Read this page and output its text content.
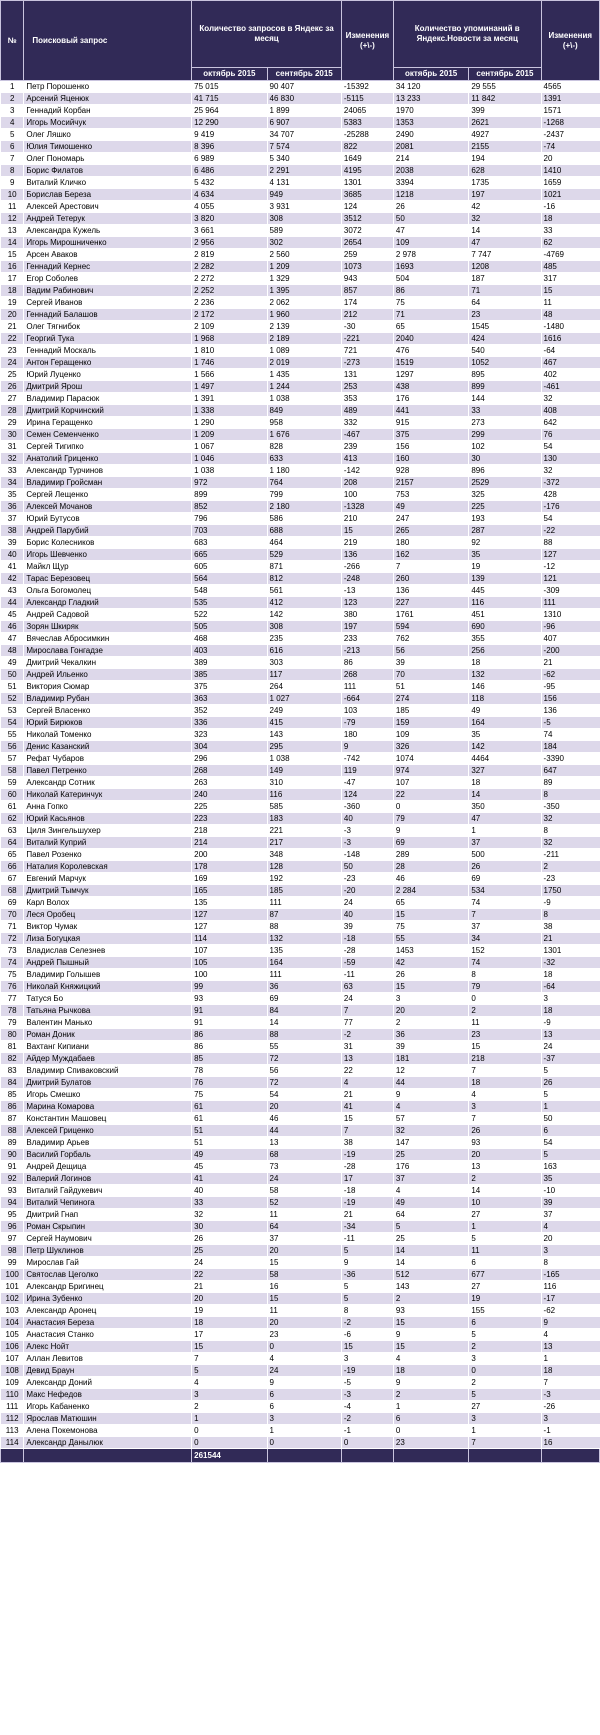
№	Поисковый запрос	Количество запросов в Яндекс за месяц		Изменения (+\-)	Количество упоминаний в Яндекс.Новости за месяц		Изменения (+\-)
		октябрь 2015	сентябрь 2015		октябрь 2015	сентябрь 2015	
1	Петр Порошенко	75 015	90 407	-15392	34 120	29 555	4565
2	Арсений Яценюк	41 715	46 830	-5115	13 233	11 842	1391
3	Геннадий Корбан	25 964	1 899	24065	1970	399	1571
4	Игорь Мосийчук	12 290	6 907	5383	1353	2621	-1268
5	Олег Ляшко	9 419	34 707	-25288	2490	4927	-2437
6	Юлия Тимошенко	8 396	7 574	822	2081	2155	-74
7	Олег Пономарь	6 989	5 340	1649	214	194	20
8	Борис Филатов	6 486	2 291	4195	2038	628	1410
9	Виталий Кличко	5 432	4 131	1301	3394	1735	1659
10	Борислав Береза	4 634	949	3685	1218	197	1021
11	Алексей Арестович	4 055	3 931	124	26	42	-16
12	Андрей Тетерук	3 820	308	3512	50	32	18
13	Александра Кужель	3 661	589	3072	47	14	33
14	Игорь Мирошниченко	2 956	302	2654	109	47	62
15	Арсен Аваков	2 819	2 560	259	2 978	7 747	-4769
16	Геннадий Кернес	2 282	1 209	1073	1693	1208	485
17	Егор Соболев	2 272	1 329	943	504	187	317
18	Вадим Рабинович	2 252	1 395	857	86	71	15
19	Сергей Иванов	2 236	2 062	174	75	64	11
20	Геннадий Балашов	2 172	1 960	212	71	23	48
21	Олег Тягнибок	2 109	2 139	-30	65	1545	-1480
22	Георгий Тука	1 968	2 189	-221	2040	424	1616
23	Геннадий Москаль	1 810	1 089	721	476	540	-64
24	Антон Геращенко	1 746	2 019	-273	1519	1052	467
25	Юрий Луценко	1 566	1 435	131	1297	895	402
26	Дмитрий Ярош	1 497	1 244	253	438	899	-461
27	Владимир Парасюк	1 391	1 038	353	176	144	32
28	Дмитрий Корчинский	1 338	849	489	441	33	408
29	Ирина Геращенко	1 290	958	332	915	273	642
30	Семен Семенченко	1 209	1 676	-467	375	299	76
31	Сергей Тигипко	1 067	828	239	156	102	54
32	Анатолий Гриценко	1 046	633	413	160	30	130
33	Александр Турчинов	1 038	1 180	-142	928	896	32
34	Владимир Гройсман	972	764	208	2157	2529	-372
35	Сергей Лещенко	899	799	100	753	325	428
36	Алексей Мочанов	852	2 180	-1328	49	225	-176
37	Юрий Бутусов	796	586	210	247	193	54
38	Андрей Парубий	703	688	15	265	287	-22
39	Борис Колесников	683	464	219	180	92	88
40	Игорь Шевченко	665	529	136	162	35	127
41	Майкл Щур	605	871	-266	7	19	-12
42	Тарас Березовец	564	812	-248	260	139	121
43	Ольга Богомолец	548	561	-13	136	445	-309
44	Александр Гладкий	535	412	123	227	116	111
45	Андрей Садовой	522	142	380	1761	451	1310
46	Зорян Шкиряк	505	308	197	594	690	-96
47	Вячеслав Абросимкин	468	235	233	762	355	407
48	Мирослава Гонгадзе	403	616	-213	56	256	-200
49	Дмитрий Чекалкин	389	303	86	39	18	21
50	Андрей Ильенко	385	117	268	70	132	-62
51	Виктория Сюмар	375	264	111	51	146	-95
52	Владимир Рубан	363	1 027	-664	274	118	156
53	Сергей Власенко	352	249	103	185	49	136
54	Юрий Бирюков	336	415	-79	159	164	-5
55	Николай Томенко	323	143	180	109	35	74
56	Денис Казанский	304	295	9	326	142	184
57	Рефат Чубаров	296	1 038	-742	1074	4464	-3390
58	Павел Петренко	268	149	119	974	327	647
59	Александр Сотник	263	310	-47	107	18	89
60	Николай Катеринчук	240	116	124	22	14	8
61	Анна Гопко	225	585	-360	0	350	-350
62	Юрий Касьянов	223	183	40	79	47	32
63	Циля Зингельшухер	218	221	-3	9	1	8
64	Виталий Куприй	214	217	-3	69	37	32
65	Павел Розенко	200	348	-148	289	500	-211
66	Наталия Королевская	178	128	50	28	26	2
67	Евгений Марчук	169	192	-23	46	69	-23
68	Дмитрий Тымчук	165	185	-20	2 284	534	1750
69	Карл Волох	135	111	24	65	74	-9
70	Леся Оробец	127	87	40	15	7	8
71	Виктор Чумак	127	88	39	75	37	38
72	Лиза Богуцкая	114	132	-18	55	34	21
73	Владислав Селезнев	107	135	-28	1453	152	1301
74	Андрей Пышный	105	164	-59	42	74	-32
75	Владимир Голышев	100	111	-11	26	8	18
76	Николай Княжицкий	99	36	63	15	79	-64
77	Татуся Бо	93	69	24	3	0	3
78	Татьяна Рычкова	91	84	7	20	2	18
79	Валентин Манько	91	14	77	2	11	-9
80	Роман Доник	86	88	-2	36	23	13
81	Вахтанг Кипиани	86	55	31	39	15	24
82	Айдер Муждабаев	85	72	13	181	218	-37
83	Владимир Спиваковский	78	56	22	12	7	5
84	Дмитрий Булатов	76	72	4	44	18	26
85	Игорь Смешко	75	54	21	9	4	5
86	Марина Комарова	61	20	41	4	3	1
87	Константин Машовец	61	46	15	57	7	50
88	Алексей Гриценко	51	44	7	32	26	6
89	Владимир Арьев	51	13	38	147	93	54
90	Василий Горбаль	49	68	-19	25	20	5
91	Андрей Дещица	45	73	-28	176	13	163
92	Валерий Логинов	41	24	17	37	2	35
93	Виталий Гайдукевич	40	58	-18	4	14	-10
94	Виталий Чепинога	33	52	-19	49	10	39
95	Дмитрий Гнап	32	11	21	64	27	37
96	Роман Скрыпин	30	64	-34	5	1	4
97	Сергей Наумович	26	37	-11	25	5	20
98	Петр Шуклинов	25	20	5	14	11	3
99	Мирослав Гай	24	15	9	14	6	8
100	Святослав Цеголко	22	58	-36	512	677	-165
101	Александр Бригинец	21	16	5	143	27	116
102	Ирина Зубенко	20	15	5	2	19	-17
103	Александр Аронец	19	11	8	93	155	-62
104	Анастасия Береза	18	20	-2	15	6	9
105	Анастасия Станко	17	23	-6	9	5	4
106	Алекс Нойт	15	0	15	15	2	13
107	Аллан Левитов	7	4	3	4	3	1
108	Девид Браун	5	24	-19	18	0	18
109	Александр Доний	4	9	-5	9	2	7
110	Макс Нефедов	3	6	-3	2	5	-3
111	Игорь Кабаненко	2	6	-4	1	27	-26
112	Ярослав Матюшин	1	3	-2	6	3	3
113	Алена Покемонова	0	1	-1	0	1	-1
114	Александр Данылюк	0	0	0	23	7	16
		261544					
